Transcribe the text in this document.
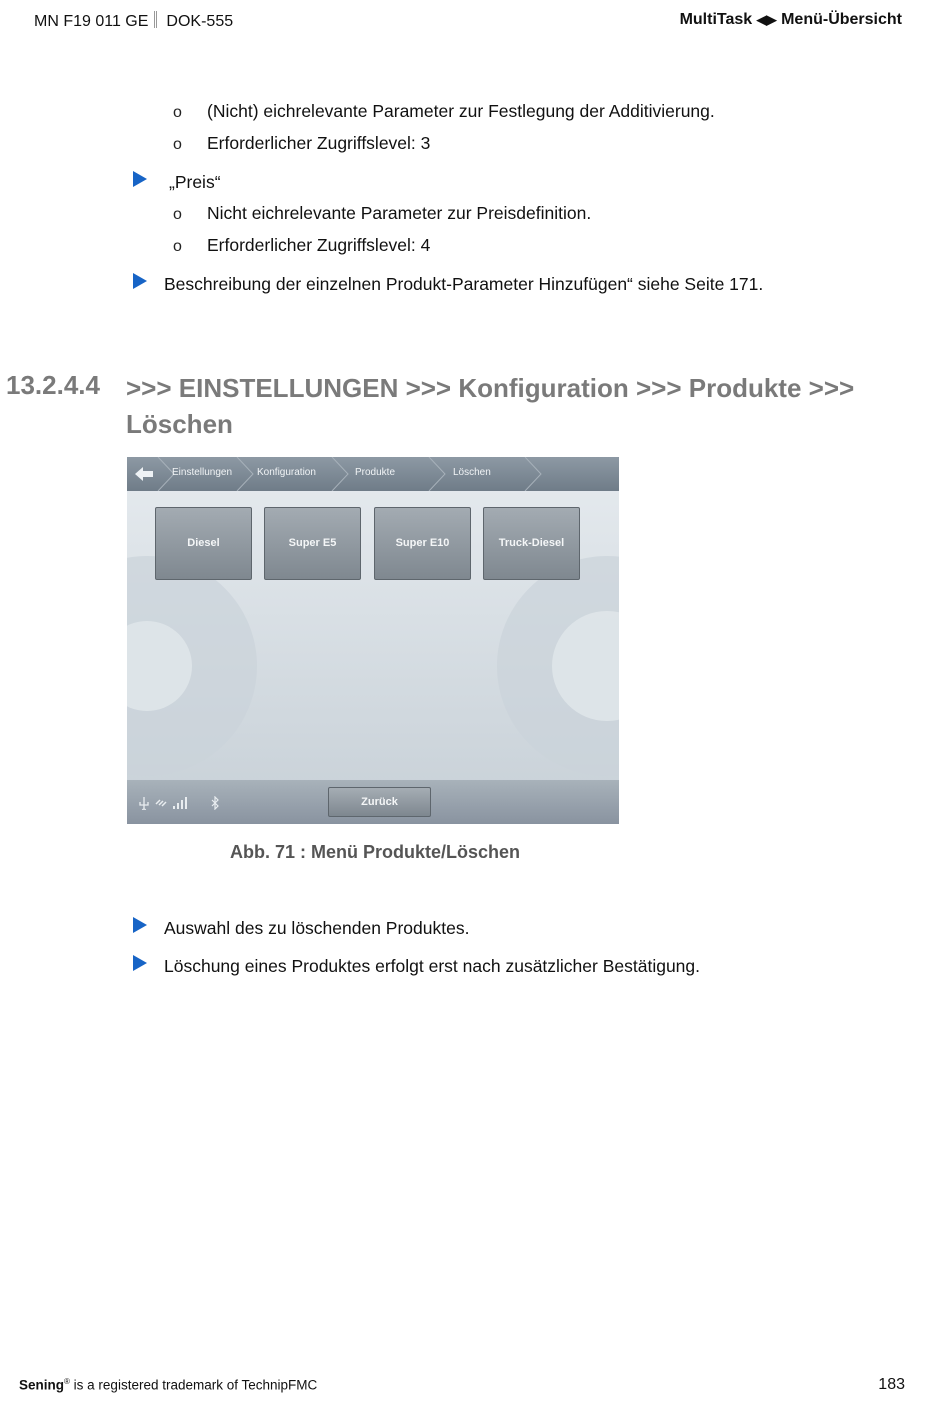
MN F19 011 GE DOK-555	MultiTask ◀▶ Menü-Übersicht
o (Nicht) eichrelevante Parameter zur Festlegung der Additivierung.
o Erforderlicher Zugriffslevel: 3
„Preis“
o Nicht eichrelevante Parameter zur Preisdefinition.
o Erforderlicher Zugriffslevel: 4
Beschreibung der einzelnen Produkt-Parameter Hinzufügen“ siehe Seite 171.
13.2.4.4 >>> EINSTELLUNGEN >>> Konfiguration >>> Produkte >>> Löschen
Einstellungen Konfiguration	Produkte	Löschen
Diesel	Super E5	Super E10	Truck-Diesel
Zurück
Abb. 71 : Menü Produkte/Löschen
Auswahl des zu löschenden Produktes.
Löschung eines Produktes erfolgt erst nach zusätzlicher Bestätigung.
Sening® is a registered trademark of TechnipFMC	183
